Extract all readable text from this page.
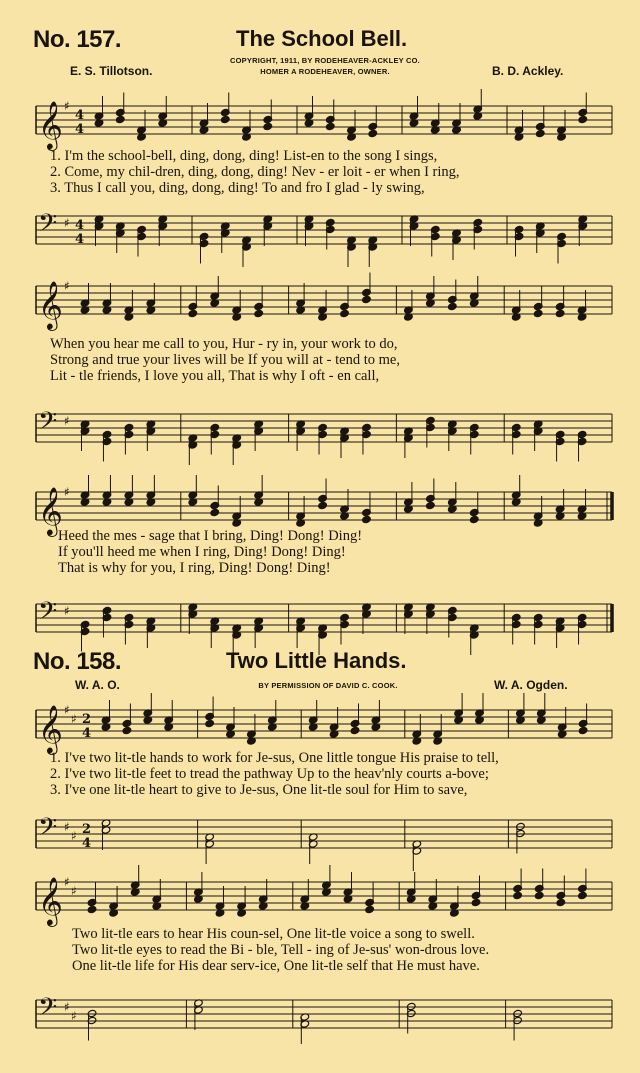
No. 157.	The School Bell.
COPYRIGHT, 1911, BY RODEHEAVER-ACKLEY CO.
HOMER A RODEHEAVER, OWNER.
E. S. Tillotson.	B. D. Ackley.
𝄞 ♯
4
4
1. I'm the school-bell, ding, dong, ding! List-en to the song I sings,
2. Come, my chil-dren, ding, dong, ding! Nev - er loit - er when I ring,
3. Thus I call you, ding, dong, ding! To and fro I glad - ly swing,
𝄢 ♯ 4
4
𝄞 ♯
When you hear me call to you, Hur - ry in, your work to do,
Strong and true your lives will be If you will at - tend to me,
Lit - tle friends, I love you all, That is why I oft - en call,
𝄢 ♯
𝄞 ♯
Heed the mes - sage that I bring, Ding! Dong! Ding!
If you'll heed me when I ring, Ding! Dong! Ding!
That is why for you, I ring, Ding! Dong! Ding!
𝄢 ♯
No. 158.	Two Little Hands.
W. A. O.	BY PERMISSION OF DAVID C. COOK.	W. A. Ogden.
𝄞 ♯
♯ 2
4
1. I've two lit-tle hands to work for Je-sus, One little tongue His praise to tell,
2. I've two lit-tle feet to tread the pathway Up to the heav'nly courts a-bove;
3. I've one lit-tle heart to give to Je-sus, One lit-tle soul for Him to save,
𝄢 ♯
♯ 2
4
𝄞 ♯
♯
Two lit-tle ears to hear His coun-sel, One lit-tle voice a song to swell.
Two lit-tle eyes to read the Bi - ble, Tell - ing of Je-sus' won-drous love.
One lit-tle life for His dear serv-ice, One lit-tle self that He must have.
𝄢 ♯
♯
